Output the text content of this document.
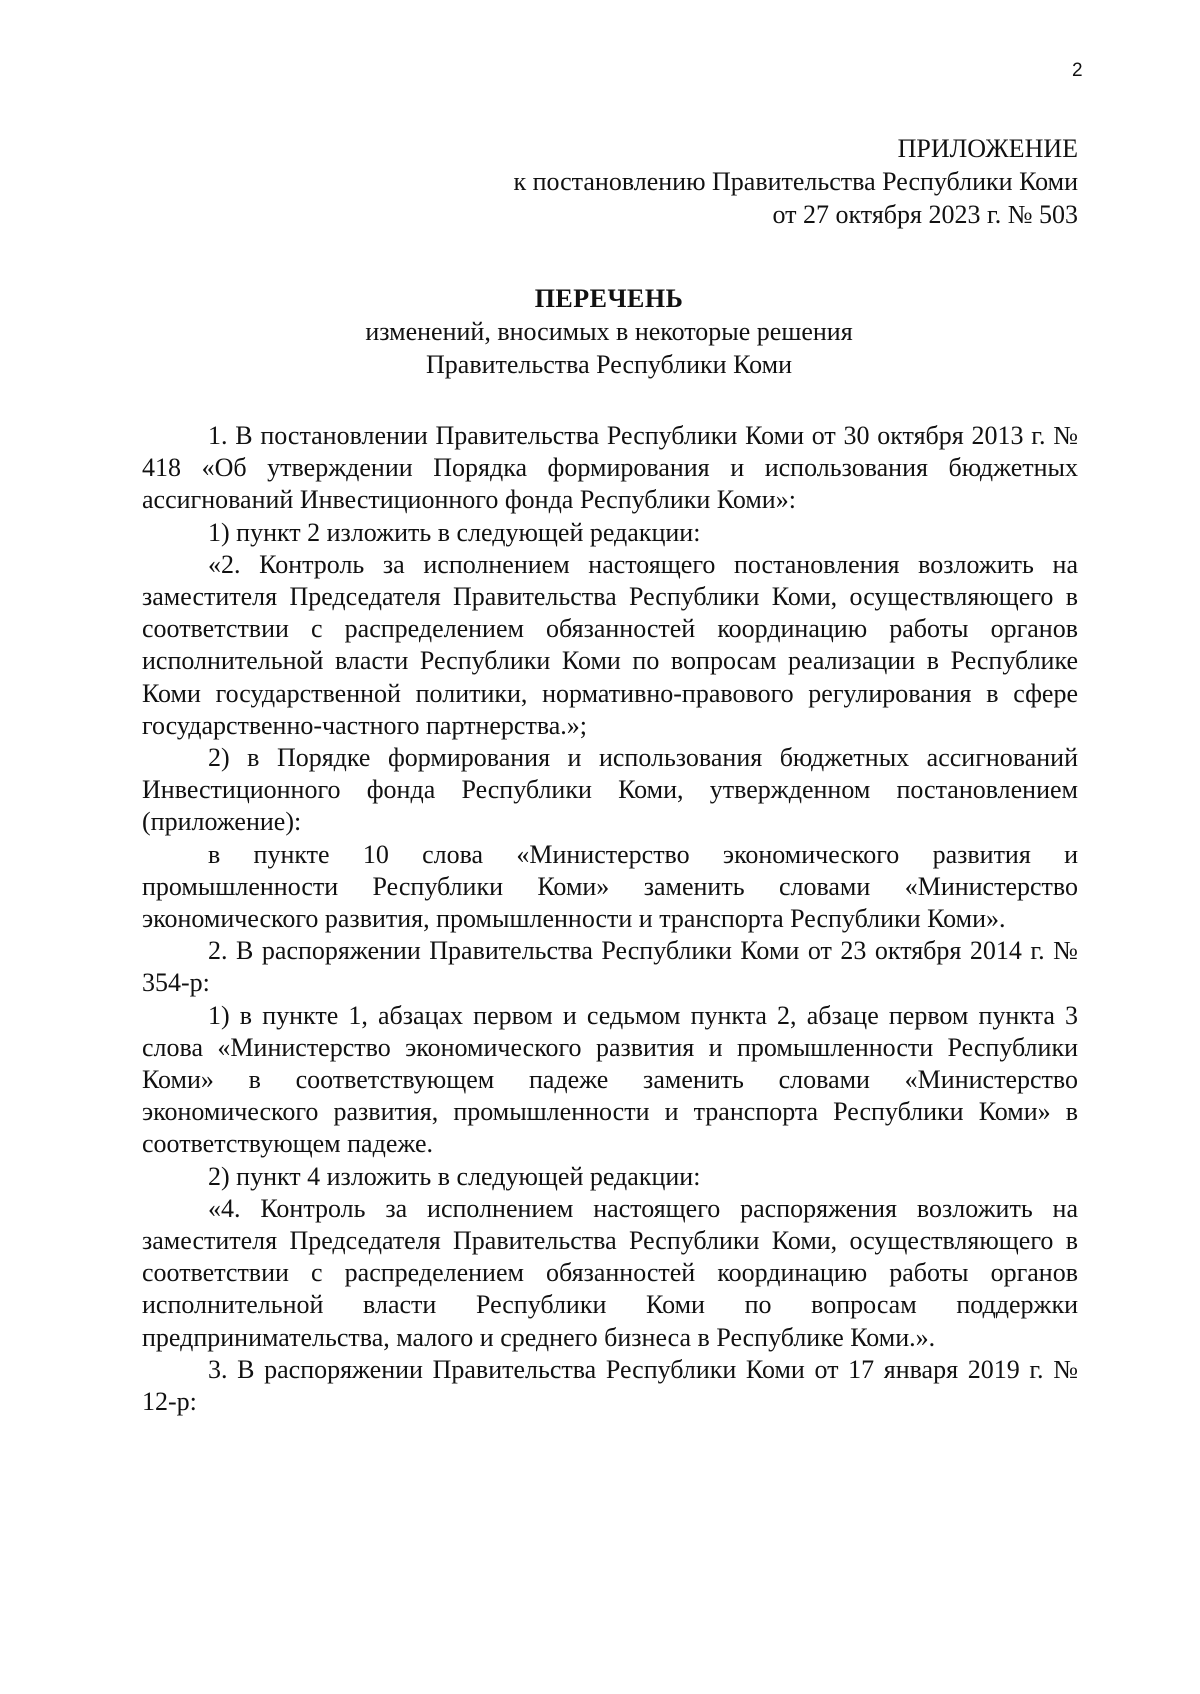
2
ПРИЛОЖЕНИЕ
к постановлению Правительства Республики Коми
от 27 октября 2023 г. № 503
ПЕРЕЧЕНЬ
изменений, вносимых в некоторые решения
Правительства Республики Коми

1. В постановлении Правительства Республики Коми от 30 октября 2013 г. № 418 «Об утверждении Порядка формирования и использования бюджетных ассигнований Инвестиционного фонда Республики Коми»:

1) пункт 2 изложить в следующей редакции:

«2. Контроль за исполнением настоящего постановления возложить на заместителя Председателя Правительства Республики Коми, осуществляющего в соответствии с распределением обязанностей координацию работы органов исполнительной власти Республики Коми по вопросам реализации в Республике Коми государственной политики, нормативно-правового регулирования в сфере государственно-частного партнерства.»;

2) в Порядке формирования и использования бюджетных ассигнований Инвестиционного фонда Республики Коми, утвержденном постановлением (приложение):

в пункте 10 слова «Министерство экономического развития и промышленности Республики Коми» заменить словами «Министерство экономического развития, промышленности и транспорта Республики Коми».

2. В распоряжении Правительства Республики Коми от 23 октября 2014 г. № 354-р:

1) в пункте 1, абзацах первом и седьмом пункта 2, абзаце первом пункта 3 слова «Министерство экономического развития и промышленности Республики Коми» в соответствующем падеже заменить словами «Министерство экономического развития, промышленности и транспорта Республики Коми» в соответствующем падеже.

2) пункт 4 изложить в следующей редакции:

«4. Контроль за исполнением настоящего распоряжения возложить на заместителя Председателя Правительства Республики Коми, осуществляющего в соответствии с распределением обязанностей координацию работы органов исполнительной власти Республики Коми по вопросам поддержки предпринимательства, малого и среднего бизнеса в Республике Коми.».

3. В распоряжении Правительства Республики Коми от 17 января 2019 г. № 12-р:
